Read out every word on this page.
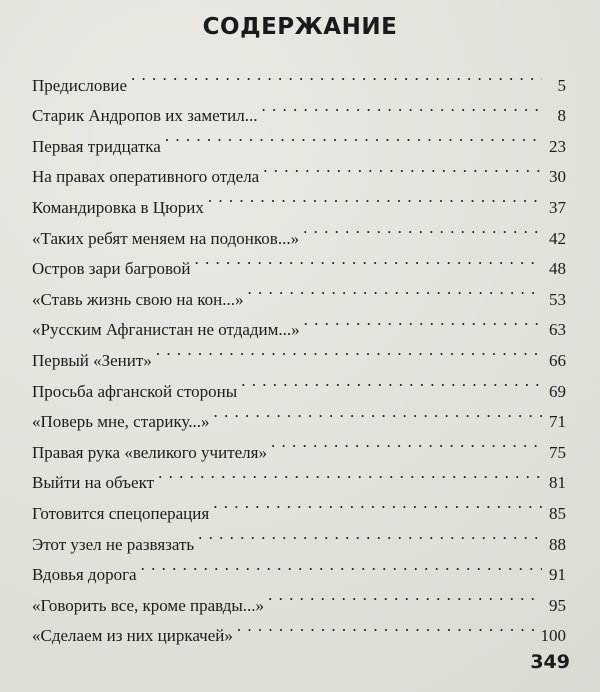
СОДЕРЖАНИЕ
Предисловие . . .	5
Старик Андропов их заметил... . . .	8
Первая тридцатка . . .	23
На правах оперативного отдела . . .	30
Командировка в Цюрих . . .	37
«Таких ребят меняем на подонков...» . . .	42
Остров зари багровой . . .	48
«Ставь жизнь свою на кон...» . . .	53
«Русским Афганистан не отдадим...» . . .	63
Первый «Зенит» . . .	66
Просьба афганской стороны . . .	69
«Поверь мне, старику...» . . .	71
Правая рука «великого учителя» . . .	75
Выйти на объект . . .	81
Готовится спецоперация . . .	85
Этот узел не развязать . . .	88
Вдовья дорога . . .	91
«Говорить все, кроме правды...» . . .	95
«Сделаем из них циркачей» . . .	100
349
